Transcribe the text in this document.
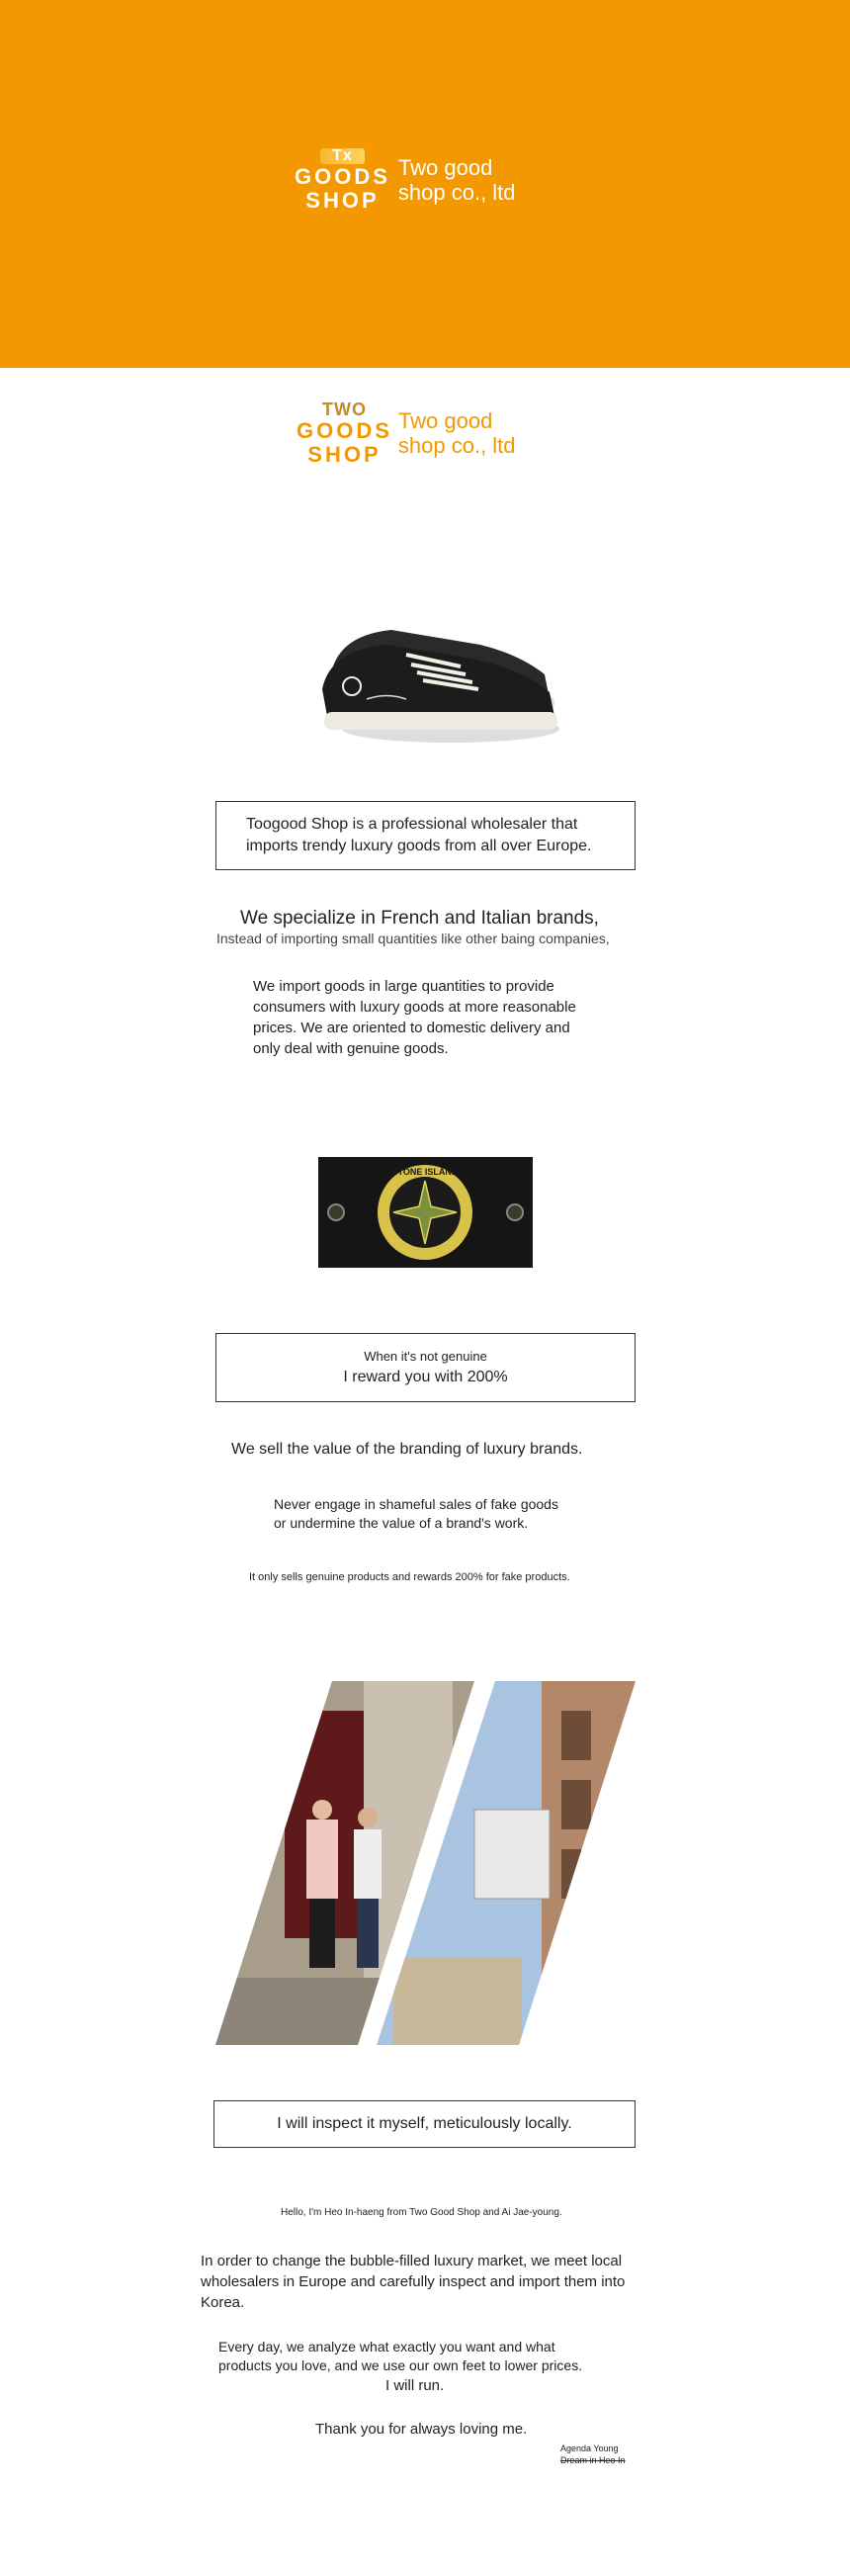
Tx
GOODS
SHOP
Two good
shop co., ltd
TWO
GOODS
SHOP
Two good
shop co., ltd
Toogood Shop is a professional wholesaler that
imports trendy luxury goods from all over Europe.
We specialize in French and Italian brands,
Instead of importing small quantities like other baing companies,
We import goods in large quantities to provide
consumers with luxury goods at more reasonable
prices. We are oriented to domestic delivery and
only deal with genuine goods.
STONE ISLAND
When it's not genuine
I reward you with 200%
We sell the value of the branding of luxury brands.
Never engage in shameful sales of fake goods
or undermine the value of a brand's work.
It only sells genuine products and rewards 200% for fake products.
I will inspect it myself, meticulously locally.
Hello, I'm Heo In-haeng from Two Good Shop and Ai Jae-young.
In order to change the bubble-filled luxury market, we meet local
wholesalers in Europe and carefully inspect and import them into
Korea.
Every day, we analyze what exactly you want and what
products you love, and we use our own feet to lower prices.
I will run.
Thank you for always loving me.
Agenda Young
Dream in Heo In
